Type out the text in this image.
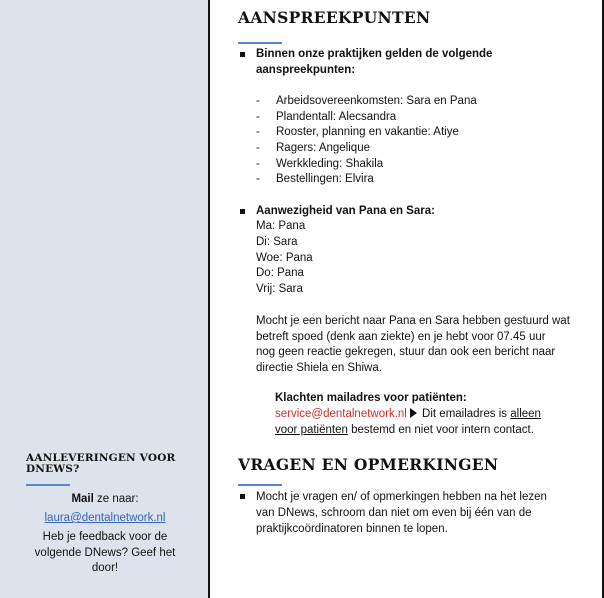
AANLEVERINGEN VOOR DNEWS?
Mail ze naar:
laura@dentalnetwork.nl
Heb je feedback voor de volgende DNews? Geef het door!
AANSPREEKPUNTEN
Binnen onze praktijken gelden de volgende
aanspreekpunten:
- Arbeidsovereenkomsten: Sara en Pana
- Plandentall: Alecsandra
- Rooster, planning en vakantie: Atiye
- Ragers: Angelique
- Werkkleding: Shakila
- Bestellingen: Elvira
Aanwezigheid van Pana en Sara:
Ma: Pana
Di: Sara
Woe: Pana
Do: Pana
Vrij: Sara
Mocht je een bericht naar Pana en Sara hebben gestuurd wat
betreft spoed (denk aan ziekte) en je hebt voor 07.45 uur
nog geen reactie gekregen, stuur dan ook een bericht naar
directie Shiela en Shiwa.
Klachten mailadres voor patiënten:
service@dentalnetwork.nl Dit emailadres is alleen
voor patiënten bestemd en niet voor intern contact.
VRAGEN EN OPMERKINGEN
Mocht je vragen en/ of opmerkingen hebben na het lezen
van DNews, schroom dan niet om even bij één van de
praktijkcoördinatoren binnen te lopen.
